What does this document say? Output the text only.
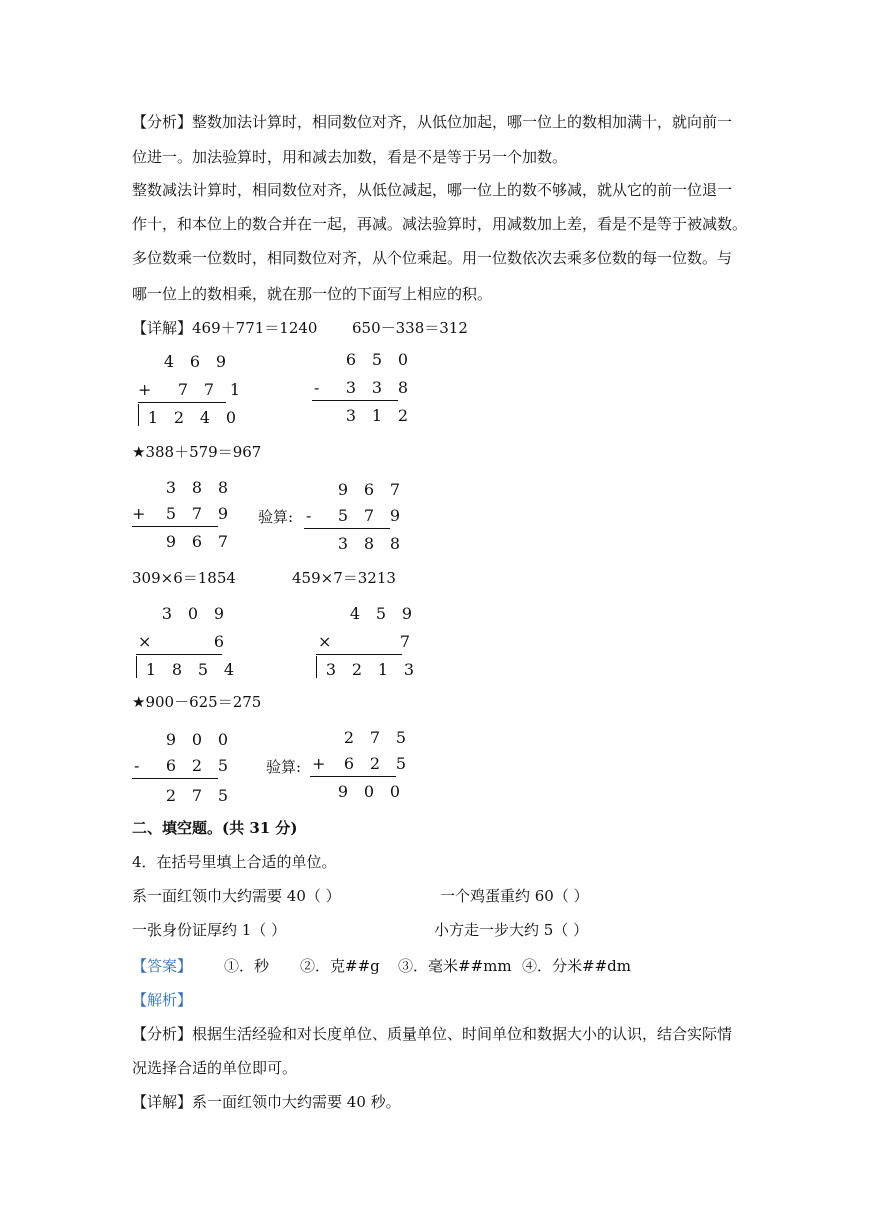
【分析】整数加法计算时，相同数位对齐，从低位加起，哪一位上的数相加满十，就向前一
位进一。加法验算时，用和减去加数，看是不是等于另一个加数。
整数减法计算时，相同数位对齐，从低位减起，哪一位上的数不够减，就从它的前一位退一
作十，和本位上的数合并在一起，再减。减法验算时，用减数加上差，看是不是等于被减数。
多位数乘一位数时，相同数位对齐，从个位乘起。用一位数依次去乘多位数的每一位数。与
哪一位上的数相乘，就在那一位的下面写上相应的积。
【详解】469＋771＝1240 650－338＝312
4 6 9
+	7 7 1
1 2 4 0
6 5 0
-	3 3 8
3 1 2
★388＋579＝967
3 8 8
+	5 7 9
9 6 7
验算:
9 6 7
-	5 7 9
3 8 8
309×6＝1854	459×7＝3213
3 0 9
×	6
1 8 5 4
4 5 9
×	7
3 2 1 3
★900－625＝275
9 0 0
-	6 2 5
2 7 5
验算:
2 7 5
+	6 2 5
9 0 0
二、填空题。(共 31 分)
4．在括号里填上合适的单位。
系一面红领巾大约需要 40（ ）	一个鸡蛋重约 60（ ）
一张身份证厚约 1（ ）	小方走一步大约 5（ ）
【答案】 ①．秒 ②．克##g ③．毫米##mm ④．分米##dm
【解析】
【分析】根据生活经验和对长度单位、质量单位、时间单位和数据大小的认识，结合实际情
况选择合适的单位即可。
【详解】系一面红领巾大约需要 40 秒。
